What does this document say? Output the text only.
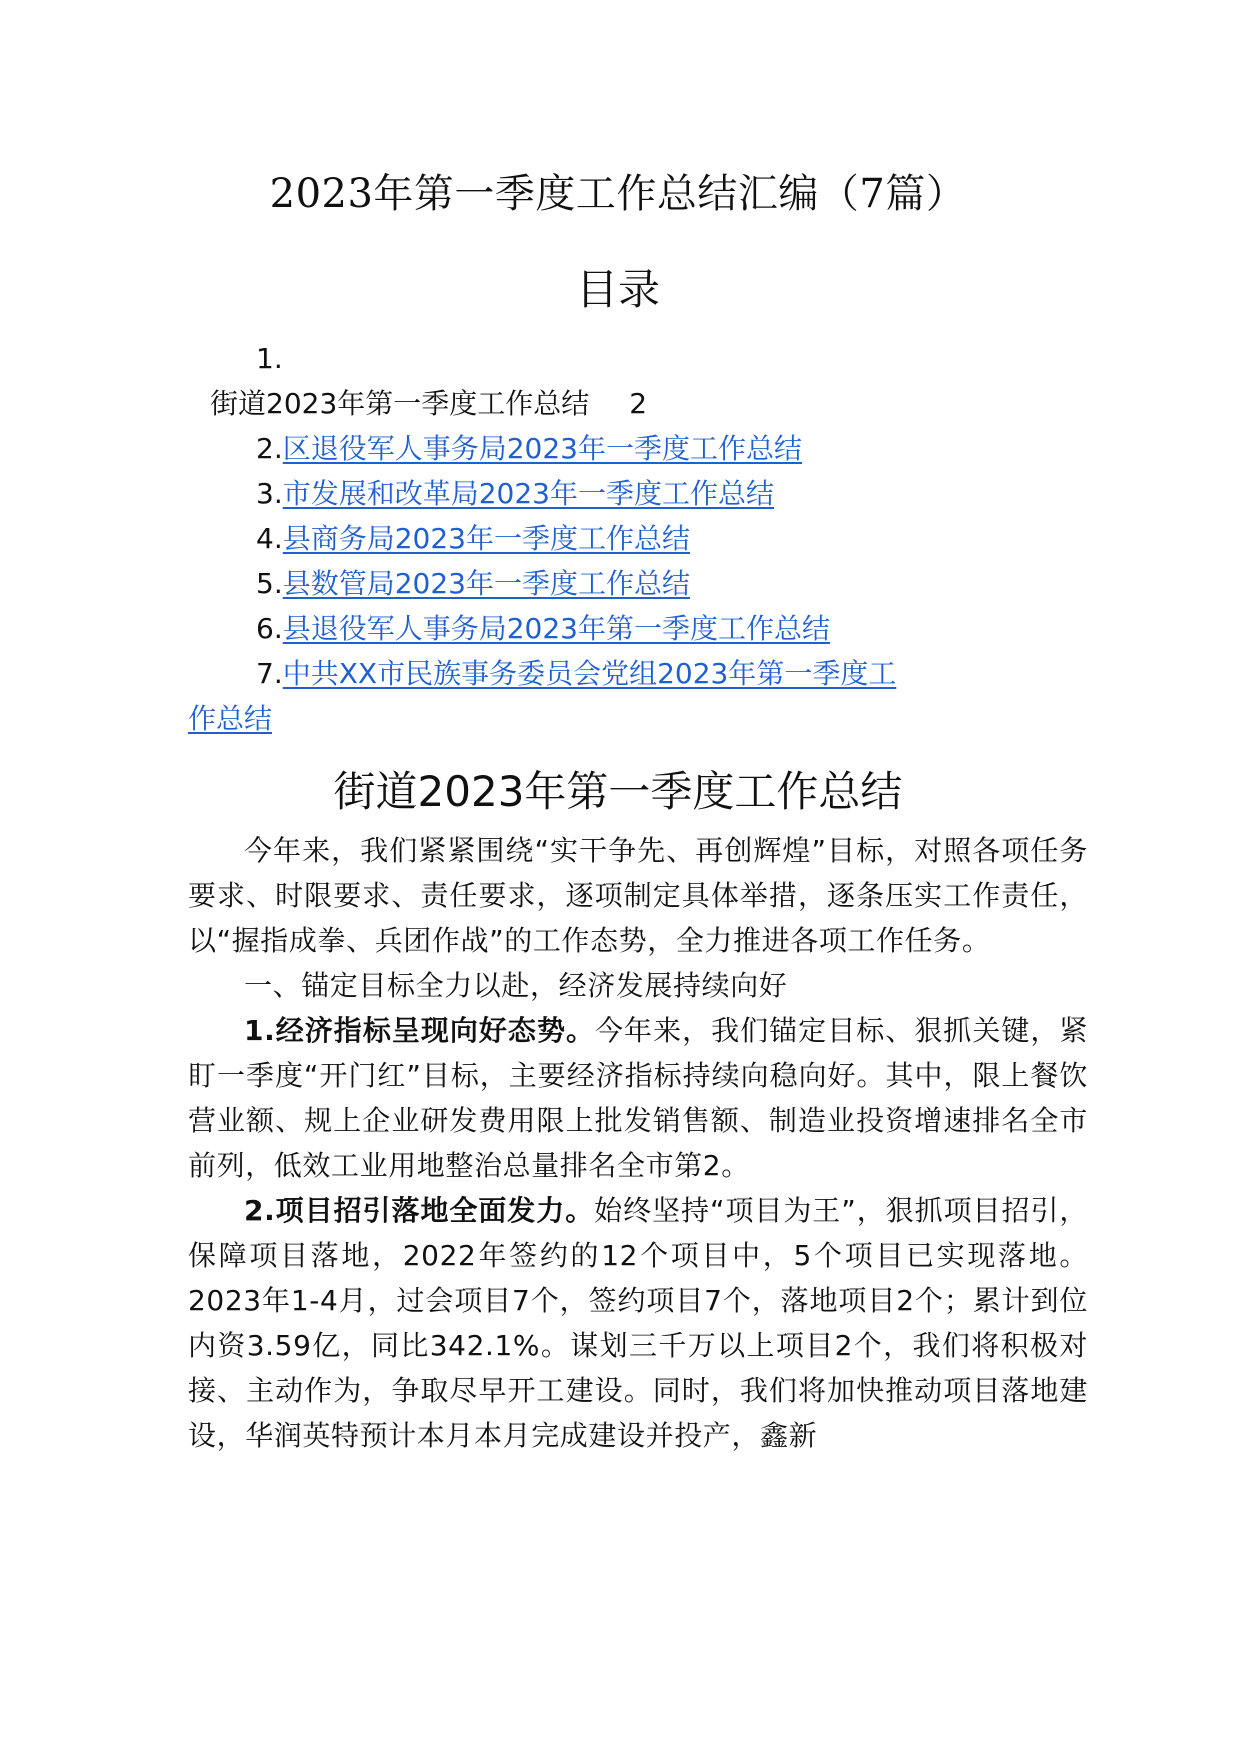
2023年第一季度工作总结汇编（7篇）
目录
1.
街道2023年第一季度工作总结 2
2.区退役军人事务局2023年一季度工作总结
3.市发展和改革局2023年一季度工作总结
4.县商务局2023年一季度工作总结
5.县数管局2023年一季度工作总结
6.县退役军人事务局2023年第一季度工作总结
7.中共XX市民族事务委员会党组2023年第一季度工
作总结
街道2023年第一季度工作总结

今年来，我们紧紧围绕“实干争先、再创辉煌”目标，对照各项任务要求、时限要求、责任要求，逐项制定具体举措，逐条压实工作责任，以“握指成拳、兵团作战”的工作态势，全力推进各项工作任务。

一、锚定目标全力以赴，经济发展持续向好

1.经济指标呈现向好态势。今年来，我们锚定目标、狠抓关键，紧盯一季度“开门红”目标，主要经济指标持续向稳向好。其中，限上餐饮营业额、规上企业研发费用限上批发销售额、制造业投资增速排名全市前列，低效工业用地整治总量排名全市第2。

2.项目招引落地全面发力。始终坚持“项目为王”，狠抓项目招引，保障项目落地，2022年签约的12个项目中，5个项目已实现落地。2023年1-4月，过会项目7个，签约项目7个，落地项目2个；累计到位内资3.59亿，同比342.1%。谋划三千万以上项目2个，我们将积极对接、主动作为，争取尽早开工建设。同时，我们将加快推动项目落地建设，华润英特预计本月本月完成建设并投产，鑫新
